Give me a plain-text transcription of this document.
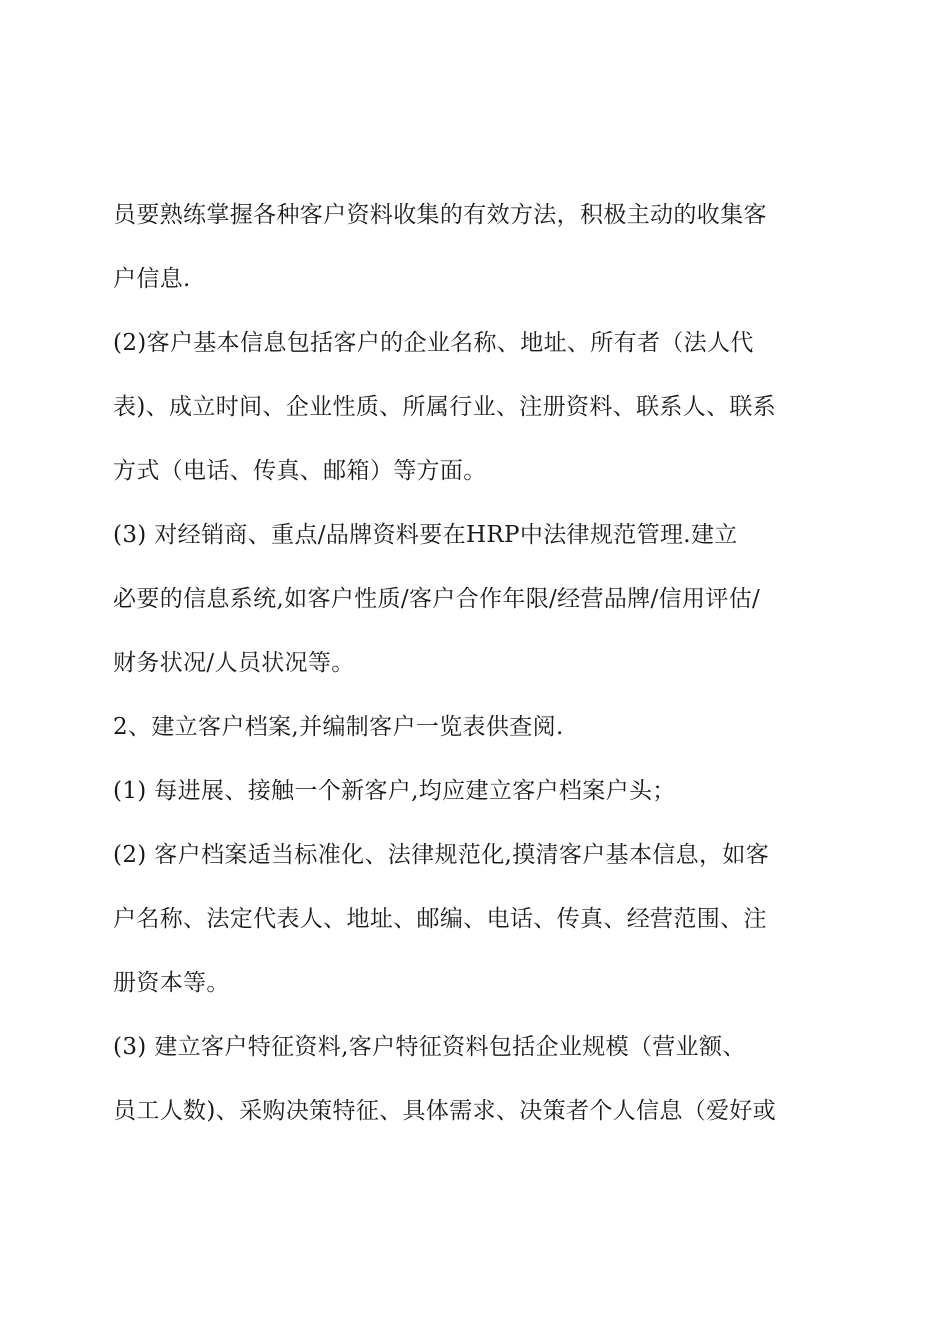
员要熟练掌握各种客户资料收集的有效方法，积极主动的收集客
户信息.
(2)客户基本信息包括客户的企业名称、地址、所有者（法人代
表)、成立时间、企业性质、所属行业、注册资料、联系人、联系
方式（电话、传真、邮箱）等方面。
(3) 对经销商、重点/品牌资料要在HRP中法律规范管理.建立
必要的信息系统,如客户性质/客户合作年限/经营品牌/信用评估/
财务状况/人员状况等。
2、建立客户档案,并编制客户一览表供查阅.
(1) 每进展、接触一个新客户,均应建立客户档案户头；
(2) 客户档案适当标准化、法律规范化,摸清客户基本信息，如客
户名称、法定代表人、地址、邮编、电话、传真、经营范围、注
册资本等。
(3) 建立客户特征资料,客户特征资料包括企业规模（营业额、
员工人数)、采购决策特征、具体需求、决策者个人信息（爱好或
